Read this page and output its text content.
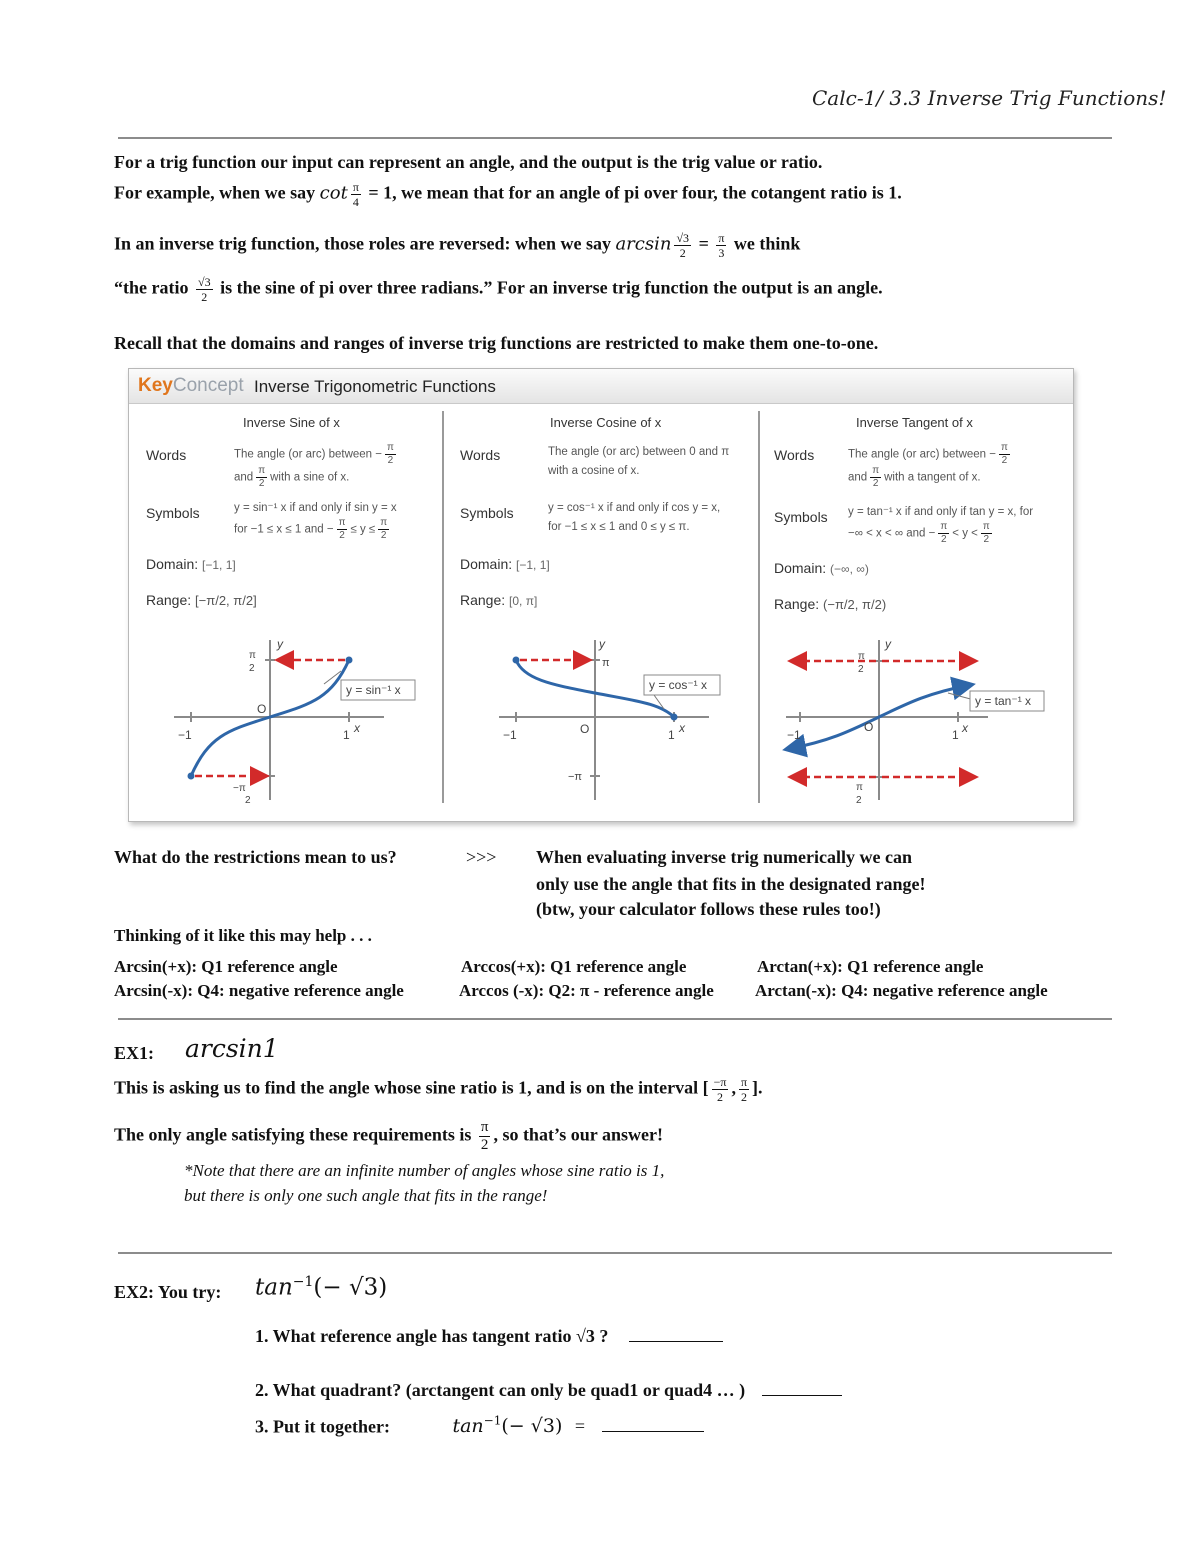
Calc-1/ 3.3 Inverse Trig Functions!
For a trig function our input can represent an angle, and the output is the trig value or ratio.
For example, when we say $\cot \frac{\pi}{4} = 1$, we mean that for an angle of pi over four, the cotangent ratio is 1.
In an inverse trig function, those roles are reversed: when we say $\arcsin \frac{√3}{2} = \frac{\pi}{3}$ we think
“the ratio $\frac{√3}{2}$ is the sine of pi over three radians.” For an inverse trig function the output is an angle.
Recall that the domains and ranges of inverse trig functions are restricted to make them one-to-one.
KeyConcept Inverse Trigonometric Functions
Inverse Sine of x
Words	The angle (or arc) between − $\frac{\pi}{2}$

and $\frac{\pi}{2}$ with a sine of x.
Symbols	y = sin⁻¹ x if and only if sin y = x
for −1 ≤ x ≤ 1 and − $\frac{\pi}{2} \le y \le \frac{\pi}{2}$
Domain: [−1, 1]
Range: [−π/2, π/2]
y = sin⁻¹ x
y
x
O
−1	1
π
2
−π
2
Inverse Cosine of x
Words	The angle (or arc) between 0 and π
with a cosine of x.
Symbols	y = cos⁻¹ x if and only if cos y = x,
for −1 ≤ x ≤ 1 and 0 ≤ y ≤ π.
Domain: [−1, 1]
Range: [0, π]
y = cos⁻¹ x
y
x
O
−1	1
π
−π
Inverse Tangent of x
Words	The angle (or arc) between − $\frac{\pi}{2}$

and $\frac{\pi}{2}$ with a tangent of x.
Symbols y = tan⁻¹ x if and only if tan y = x, for
−∞ < x < ∞ and − $\frac{\pi}{2} < y < \frac{\pi}{2}$
Domain: (−∞, ∞)
Range: (−π/2, π/2)
y = tan⁻¹ x
y
x
O
−1	1
π
2
π
2
What do the restrictions mean to us?	>>> When evaluating inverse trig numerically we can
only use the angle that fits in the designated range!
(btw, your calculator follows these rules too!)
Thinking of it like this may help . . .
Arcsin(+x): Q1 reference angle
Arcsin(-x): Q4: negative reference angle
Arccos(+x): Q1 reference angle
Arccos (-x): Q2: π - reference angle
Arctan(+x): Q1 reference angle
Arctan(-x): Q4: negative reference angle
EX1: arcsin1
This is asking us to find the angle whose sine ratio is 1, and is on the interval [ $\frac{-\pi}{2}$ , $\frac{\pi}{2}$ ].
The only angle satisfying these requirements is $\frac{\pi}{2}$ , so that’s our answer!
*Note that there are an infinite number of angles whose sine ratio is 1,
but there is only one such angle that fits in the range!
EX2: You try: $\tan^{-1}(- √3)$
1. What reference angle has tangent ratio √3 ?
2. What quadrant? (arctangent can only be quad1 or quad4 … )
3. Put it together:	$\tan^{-1}(- √3)$ =
